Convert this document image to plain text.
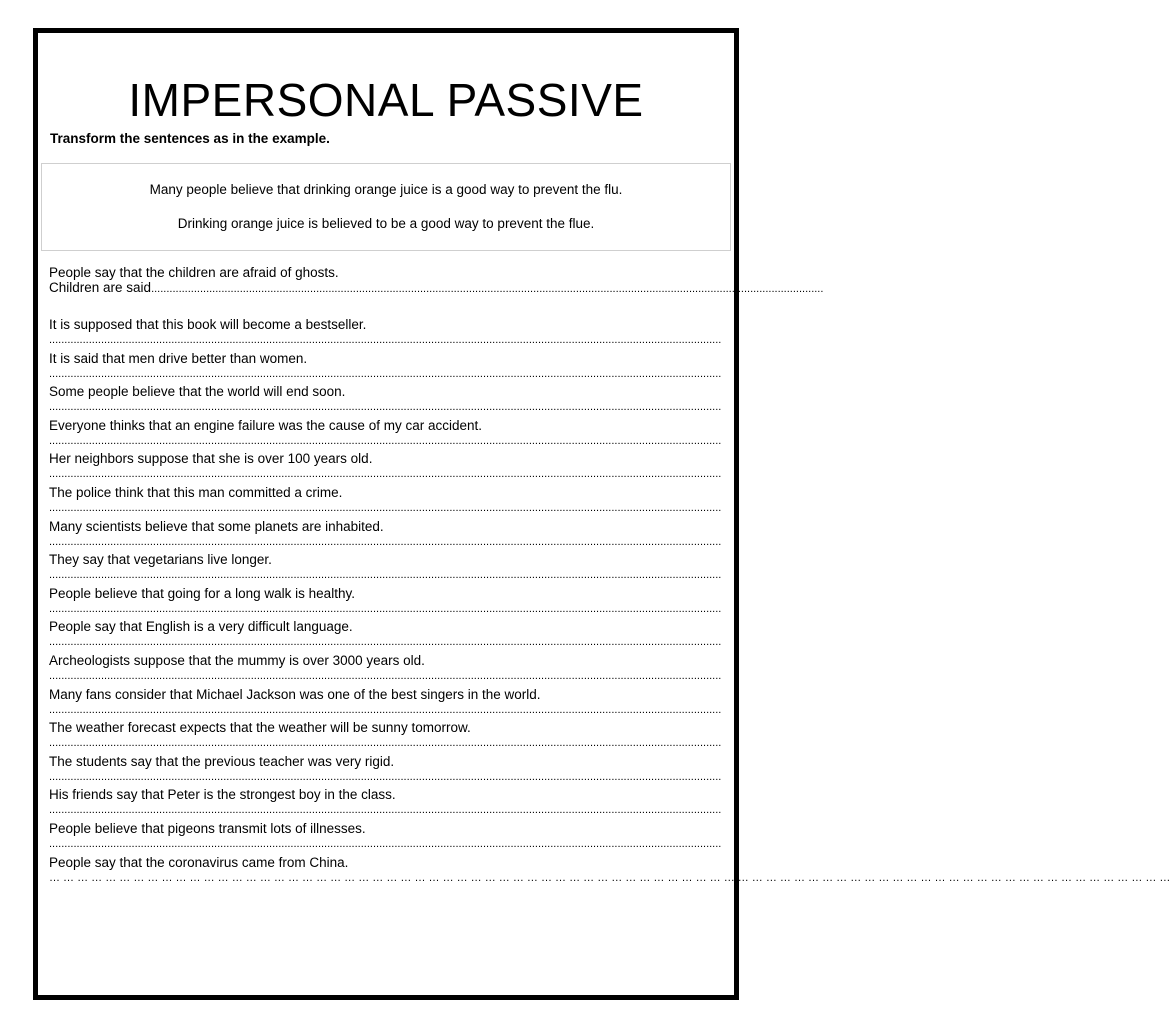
IMPERSONAL PASSIVE

Transform the sentences as in the example.

Many people believe that drinking orange juice is a good way to prevent the flu.
Drinking orange juice is believed to be a good way to prevent the flue.
People say that the children are afraid of ghosts.
Children are said............................................................................................................................................................................................................................
It is supposed that this book will become a bestseller.
............................................................................................................................................................................................................................
It is said that men drive better than women.
............................................................................................................................................................................................................................
Some people believe that the world will end soon.
............................................................................................................................................................................................................................
Everyone thinks that an engine failure was the cause of my car accident.
............................................................................................................................................................................................................................
Her neighbors suppose that she is over 100 years old.
............................................................................................................................................................................................................................
The police think that this man committed a crime.
............................................................................................................................................................................................................................
Many scientists believe that some planets are inhabited.
............................................................................................................................................................................................................................
They say that vegetarians live longer.
............................................................................................................................................................................................................................
People believe that going for a long walk is healthy.
............................................................................................................................................................................................................................
People say that English is a very difficult language.
............................................................................................................................................................................................................................
Archeologists suppose that the mummy is over 3000 years old.
............................................................................................................................................................................................................................
Many fans consider that Michael Jackson was one of the best singers in the world.
............................................................................................................................................................................................................................
The weather forecast expects that the weather will be sunny tomorrow.
............................................................................................................................................................................................................................
The students say that the previous teacher was very rigid.
............................................................................................................................................................................................................................
His friends say that Peter is the strongest boy in the class.
............................................................................................................................................................................................................................
People believe that pigeons transmit lots of illnesses.
............................................................................................................................................................................................................................
People say that the coronavirus came from China.
… … … … … … … … … … … … … … … … … … … … … … … … … … … … … … … … … … … … … … … … … … … … … … … … … … … … … … … … … … … … … … … … … … … … … … … … … … … … … … … …
